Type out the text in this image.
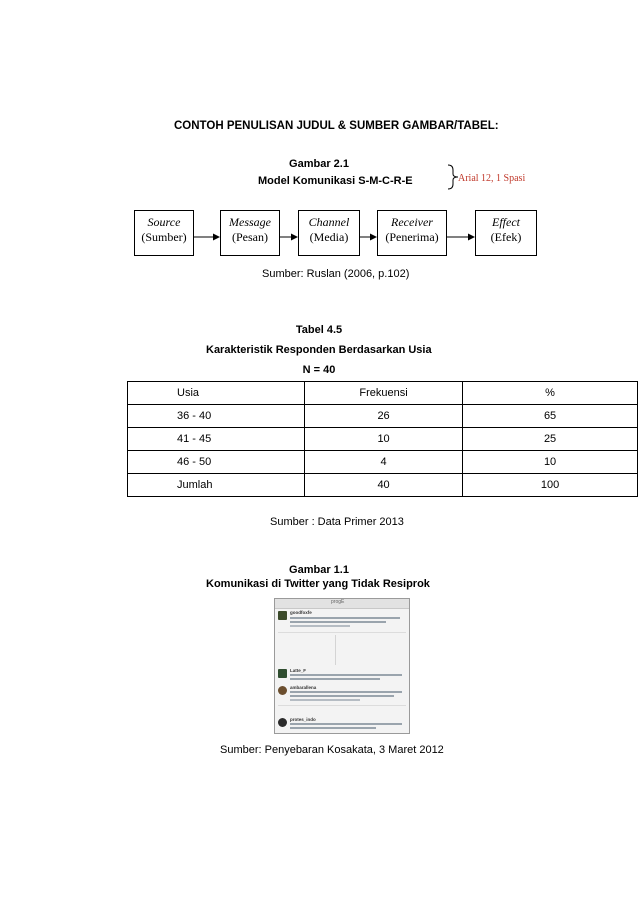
CONTOH PENULISAN JUDUL & SUMBER GAMBAR/TABEL:
Gambar 2.1
Model Komunikasi S-M-C-R-E	Arial 12, 1 Spasi
Source
(Sumber)
Message
(Pesan)
Channel
(Media)
Receiver
(Penerima)
Effect
(Efek)
Sumber: Ruslan (2006, p.102)
Tabel 4.5
Karakteristik Responden Berdasarkan Usia
N = 40
Usia	Frekuensi	%
36 - 40	26	65
41 - 45	10	25
46 - 50	4	10
Jumlah	40	100
Sumber : Data Primer 2013
Gambar 1.1
Komunikasi di Twitter yang Tidak Resiprok
progE
goodfoxfe
Latte_F
ambarallena
protes_indo
Sumber: Penyebaran Kosakata, 3 Maret 2012
